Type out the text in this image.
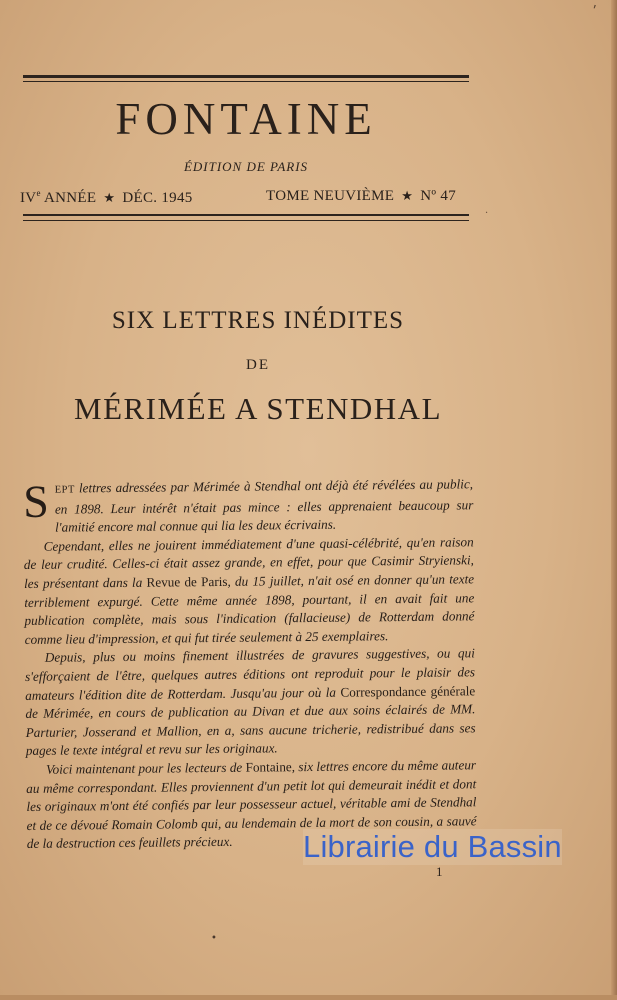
ʹ
FONTAINE
ÉDITION DE PARIS
IVe ANNÉE ★ DÉC. 1945	TOME NEUVIÈME ★ Nº 47
·
SIX LETTRES INÉDITES
DE
MÉRIMÉE A STENDHAL

SEPT lettres adressées par Mérimée à Stendhal ont déjà été révélées au public, en 1898. Leur intérêt n'était pas mince : elles apprenaient beaucoup sur l'amitié encore mal connue qui lia les deux écrivains.

Cependant, elles ne jouirent immédiatement d'une quasi-célébrité, qu'en raison de leur crudité. Celles-ci était assez grande, en effet, pour que Casimir Stryienski, les présentant dans la Revue de Paris, du 15 juillet, n'ait osé en donner qu'un texte terriblement expurgé. Cette même année 1898, pourtant, il en avait fait une publication complète, mais sous l'indication (fallacieuse) de Rotterdam donné comme lieu d'impression, et qui fut tirée seulement à 25 exemplaires.

Depuis, plus ou moins finement illustrées de gravures suggestives, ou qui s'efforçaient de l'être, quelques autres éditions ont reproduit pour le plaisir des amateurs l'édition dite de Rotterdam. Jusqu'au jour où la Correspondance générale de Mérimée, en cours de publication au Divan et due aux soins éclairés de MM. Parturier, Josserand et Mallion, en a, sans aucune tricherie, redistribué dans ses pages le texte intégral et revu sur les originaux.

Voici maintenant pour les lecteurs de Fontaine, six lettres encore du même auteur au même correspondant. Elles proviennent d'un petit lot qui demeurait inédit et dont les originaux m'ont été confiés par leur possesseur actuel, véritable ami de Stendhal et de ce dévoué Romain Colomb qui, au lendemain de la mort de son cousin, a sauvé de la destruction ces feuillets précieux.	Librairie du Bassin
1
•
